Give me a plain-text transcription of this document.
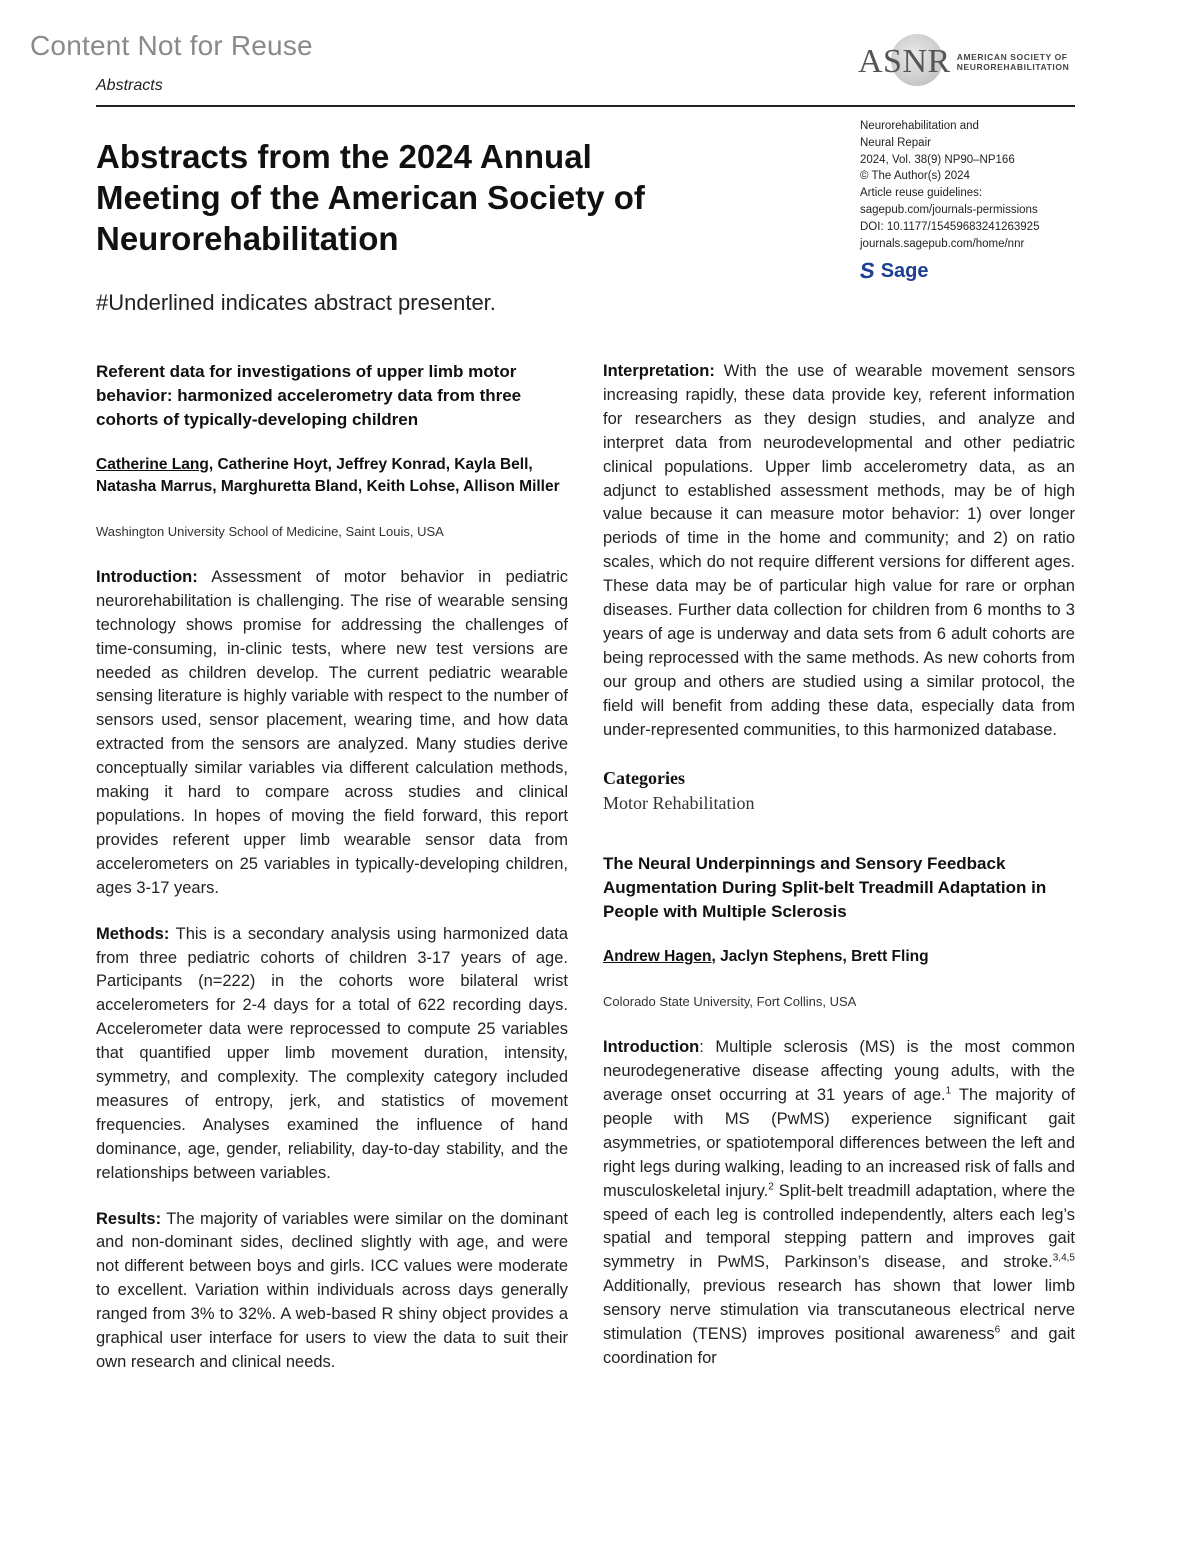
Content Not for Reuse
Abstracts
ASNR AMERICAN SOCIETY OF
NEUROREHABILITATION
Neurorehabilitation and
Neural Repair
2024, Vol. 38(9) NP90–NP166
© The Author(s) 2024
Article reuse guidelines:
sagepub.com/journals-permissions
DOI: 10.1177/15459683241263925
journals.sagepub.com/home/nnr
S Sage
Abstracts from the 2024 Annual Meeting of the American Society of Neurorehabilitation
#Underlined indicates abstract presenter.

Referent data for investigations of upper limb motor behavior: harmonized accelerometry data from three cohorts of typically-developing children

Catherine Lang, Catherine Hoyt, Jeffrey Konrad, Kayla Bell, Natasha Marrus, Marghuretta Bland, Keith Lohse, Allison Miller
Washington University School of Medicine, Saint Louis, USA
Introduction: Assessment of motor behavior in pediatric neurorehabilitation is challenging. The rise of wearable sensing technology shows promise for addressing the challenges of time-consuming, in-clinic tests, where new test versions are needed as children develop. The current pediatric wearable sensing literature is highly variable with respect to the number of sensors used, sensor placement, wearing time, and how data extracted from the sensors are analyzed. Many studies derive conceptually similar variables via different calculation methods, making it hard to compare across studies and clinical populations. In hopes of moving the field forward, this report provides referent upper limb wearable sensor data from accelerometers on 25 variables in typically-developing children, ages 3-17 years.
Methods: This is a secondary analysis using harmonized data from three pediatric cohorts of children 3-17 years of age. Participants (n=222) in the cohorts wore bilateral wrist accelerometers for 2-4 days for a total of 622 recording days. Accelerometer data were reprocessed to compute 25 variables that quantified upper limb movement duration, intensity, symmetry, and complexity. The complexity category included measures of entropy, jerk, and statistics of movement frequencies. Analyses examined the influence of hand dominance, age, gender, reliability, day-to-day stability, and the relationships between variables.
Results: The majority of variables were similar on the dominant and non-dominant sides, declined slightly with age, and were not different between boys and girls. ICC values were moderate to excellent. Variation within individuals across days generally ranged from 3% to 32%. A web-based R shiny object provides a graphical user interface for users to view the data to suit their own research and clinical needs.
Interpretation: With the use of wearable movement sensors increasing rapidly, these data provide key, referent information for researchers as they design studies, and analyze and interpret data from neurodevelopmental and other pediatric clinical populations. Upper limb accelerometry data, as an adjunct to established assessment methods, may be of high value because it can measure motor behavior: 1) over longer periods of time in the home and community; and 2) on ratio scales, which do not require different versions for different ages. These data may be of particular high value for rare or orphan diseases. Further data collection for children from 6 months to 3 years of age is underway and data sets from 6 adult cohorts are being reprocessed with the same methods. As new cohorts from our group and others are studied using a similar protocol, the field will benefit from adding these data, especially data from under-represented communities, to this harmonized database.
Categories
Motor Rehabilitation

The Neural Underpinnings and Sensory Feedback Augmentation During Split-belt Treadmill Adaptation in People with Multiple Sclerosis

Andrew Hagen, Jaclyn Stephens, Brett Fling
Colorado State University, Fort Collins, USA
Introduction: Multiple sclerosis (MS) is the most common neurodegenerative disease affecting young adults, with the average onset occurring at 31 years of age.$^1$ The majority of people with MS (PwMS) experience significant gait asymmetries, or spatiotemporal differences between the left and right legs during walking, leading to an increased risk of falls and musculoskeletal injury.$^2$ Split-belt treadmill adaptation, where the speed of each leg is controlled independently, alters each leg’s spatial and temporal stepping pattern and improves gait symmetry in PwMS, Parkinson’s disease, and stroke.$^{3,4,5}$ Additionally, previous research has shown that lower limb sensory nerve stimulation via transcutaneous electrical nerve stimulation (TENS) improves positional awareness$^6$ and gait coordination for
